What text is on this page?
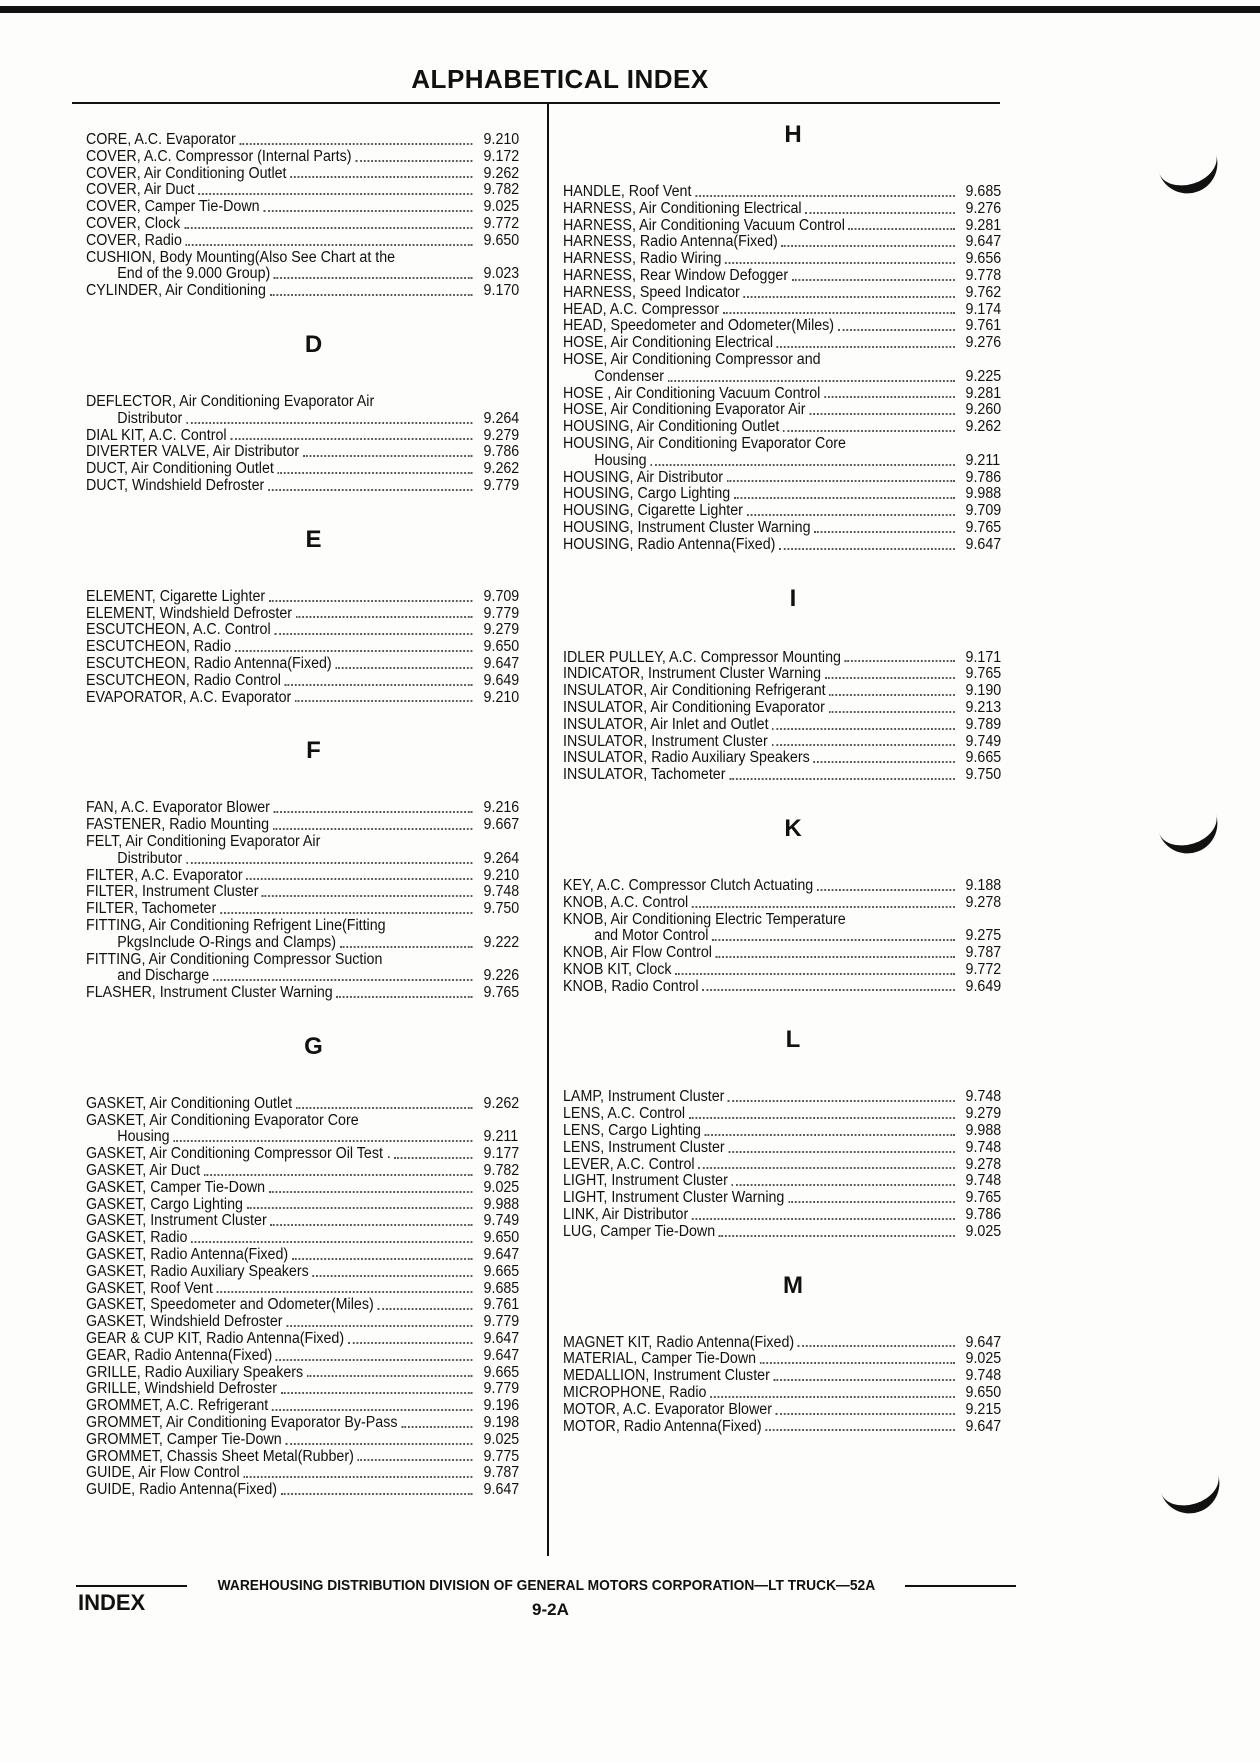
ALPHABETICAL INDEX
CORE, A.C. Evaporator	9.210
COVER, A.C. Compressor (Internal Parts)	9.172
COVER, Air Conditioning Outlet	9.262
COVER, Air Duct	9.782
COVER, Camper Tie-Down	9.025
COVER, Clock	9.772
COVER, Radio	9.650
CUSHION, Body Mounting(Also See Chart at the
End of the 9.000 Group)	9.023
CYLINDER, Air Conditioning	9.170
D
DEFLECTOR, Air Conditioning Evaporator Air
Distributor	9.264
DIAL KIT, A.C. Control	9.279
DIVERTER VALVE, Air Distributor	9.786
DUCT, Air Conditioning Outlet	9.262
DUCT, Windshield Defroster	9.779
E
ELEMENT, Cigarette Lighter	9.709
ELEMENT, Windshield Defroster	9.779
ESCUTCHEON, A.C. Control	9.279
ESCUTCHEON, Radio	9.650
ESCUTCHEON, Radio Antenna(Fixed)	9.647
ESCUTCHEON, Radio Control	9.649
EVAPORATOR, A.C. Evaporator	9.210
F
FAN, A.C. Evaporator Blower	9.216
FASTENER, Radio Mounting	9.667
FELT, Air Conditioning Evaporator Air
Distributor	9.264
FILTER, A.C. Evaporator	9.210
FILTER, Instrument Cluster	9.748
FILTER, Tachometer	9.750
FITTING, Air Conditioning Refrigent Line(Fitting
PkgsInclude O-Rings and Clamps)	9.222
FITTING, Air Conditioning Compressor Suction
and Discharge	9.226
FLASHER, Instrument Cluster Warning	9.765
G
GASKET, Air Conditioning Outlet	9.262
GASKET, Air Conditioning Evaporator Core
Housing	9.211
GASKET, Air Conditioning Compressor Oil Test .	9.177
GASKET, Air Duct	9.782
GASKET, Camper Tie-Down	9.025
GASKET, Cargo Lighting	9.988
GASKET, Instrument Cluster	9.749
GASKET, Radio	9.650
GASKET, Radio Antenna(Fixed)	9.647
GASKET, Radio Auxiliary Speakers	9.665
GASKET, Roof Vent	9.685
GASKET, Speedometer and Odometer(Miles)	9.761
GASKET, Windshield Defroster	9.779
GEAR & CUP KIT, Radio Antenna(Fixed)	9.647
GEAR, Radio Antenna(Fixed)	9.647
GRILLE, Radio Auxiliary Speakers	9.665
GRILLE, Windshield Defroster	9.779
GROMMET, A.C. Refrigerant	9.196
GROMMET, Air Conditioning Evaporator By-Pass	9.198
GROMMET, Camper Tie-Down	9.025
GROMMET, Chassis Sheet Metal(Rubber)	9.775
GUIDE, Air Flow Control	9.787
GUIDE, Radio Antenna(Fixed)	9.647
H
HANDLE, Roof Vent	9.685
HARNESS, Air Conditioning Electrical	9.276
HARNESS, Air Conditioning Vacuum Control	9.281
HARNESS, Radio Antenna(Fixed)	9.647
HARNESS, Radio Wiring	9.656
HARNESS, Rear Window Defogger	9.778
HARNESS, Speed Indicator	9.762
HEAD, A.C. Compressor	9.174
HEAD, Speedometer and Odometer(Miles)	9.761
HOSE, Air Conditioning Electrical	9.276
HOSE, Air Conditioning Compressor and
Condenser	9.225
HOSE , Air Conditioning Vacuum Control	9.281
HOSE, Air Conditioning Evaporator Air	9.260
HOUSING, Air Conditioning Outlet	9.262
HOUSING, Air Conditioning Evaporator Core
Housing	9.211
HOUSING, Air Distributor	9.786
HOUSING, Cargo Lighting	9.988
HOUSING, Cigarette Lighter	9.709
HOUSING, Instrument Cluster Warning	9.765
HOUSING, Radio Antenna(Fixed)	9.647
I
IDLER PULLEY, A.C. Compressor Mounting	9.171
INDICATOR, Instrument Cluster Warning	9.765
INSULATOR, Air Conditioning Refrigerant	9.190
INSULATOR, Air Conditioning Evaporator	9.213
INSULATOR, Air Inlet and Outlet	9.789
INSULATOR, Instrument Cluster	9.749
INSULATOR, Radio Auxiliary Speakers	9.665
INSULATOR, Tachometer	9.750
K
KEY, A.C. Compressor Clutch Actuating	9.188
KNOB, A.C. Control	9.278
KNOB, Air Conditioning Electric Temperature
and Motor Control	9.275
KNOB, Air Flow Control	9.787
KNOB KIT, Clock	9.772
KNOB, Radio Control	9.649
L
LAMP, Instrument Cluster	9.748
LENS, A.C. Control	9.279
LENS, Cargo Lighting	9.988
LENS, Instrument Cluster	9.748
LEVER, A.C. Control	9.278
LIGHT, Instrument Cluster	9.748
LIGHT, Instrument Cluster Warning	9.765
LINK, Air Distributor	9.786
LUG, Camper Tie-Down	9.025
M
MAGNET KIT, Radio Antenna(Fixed)	9.647
MATERIAL, Camper Tie-Down	9.025
MEDALLION, Instrument Cluster	9.748
MICROPHONE, Radio	9.650
MOTOR, A.C. Evaporator Blower	9.215
MOTOR, Radio Antenna(Fixed)	9.647
WAREHOUSING DISTRIBUTION DIVISION OF GENERAL MOTORS CORPORATION—LT TRUCK—52A
INDEX	9-2A
